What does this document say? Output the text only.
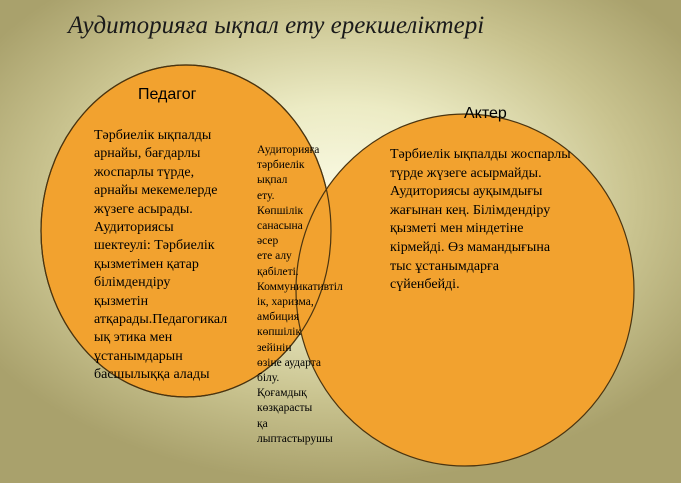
Аудиторияға ықпал ету ерекшеліктері
Педагог
Актер
Тәрбиелік ықпалды
арнайы, бағдарлы
жоспарлы түрде,
арнайы мекемелерде
жүзеге асырады.
Аудиториясы
шектеулі: Тәрбиелік
қызметімен қатар
білімдендіру
қызметін
атқарады.Педагогикал
ық этика мен
ұстанымдарын
басшылыққа алады
Аудиторияға
тәрбиелік ықпал
ету. Көпшілік
санасына әсер
ете алу қабілеті.
Коммуникативтіл
ік, харизма,
амбиция
көпшілік зейінін
өзіне аударта
білу. Қоғамдық
көзқарасты қа
лыптастырушы
Тәрбиелік ықпалды жоспарлы
түрде жүзеге асырмайды.
Аудиториясы ауқымдығы
жағынан кең. Білімдендіру
қызметі мен міндетіне
кірмейді. Өз мамандығына
тыс ұстанымдарға
сүйенбейді.
